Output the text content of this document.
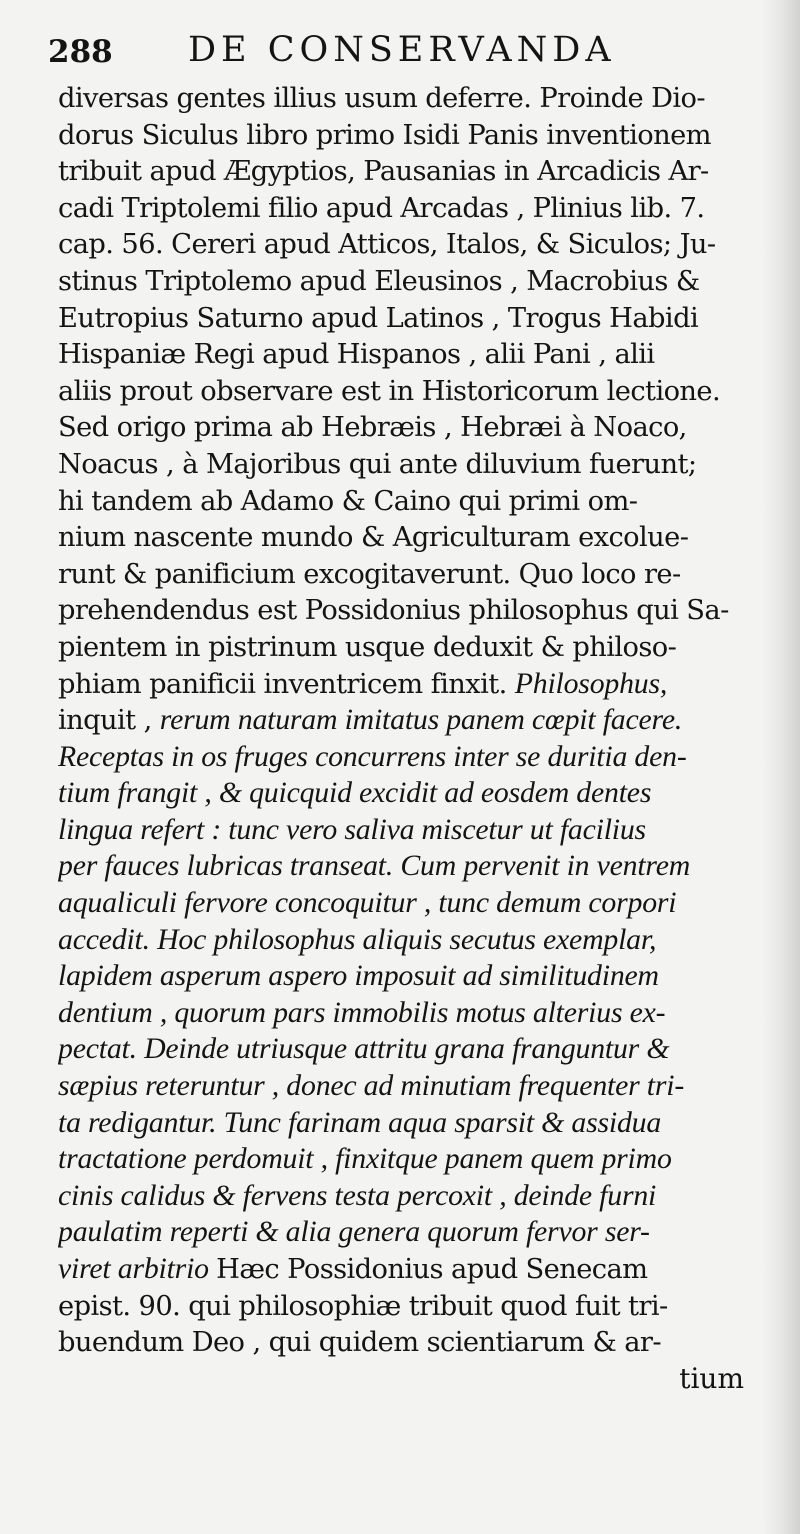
288 DE CONSERVANDA
diversas gentes illius usum deferre. Proinde Dio-
dorus Siculus libro primo Isidi Panis inventionem
tribuit apud Ægyptios, Pausanias in Arcadicis Ar-
cadi Triptolemi filio apud Arcadas , Plinius lib. 7.
cap. 56. Cereri apud Atticos, Italos, & Siculos; Ju-
stinus Triptolemo apud Eleusinos , Macrobius &
Eutropius Saturno apud Latinos , Trogus Habidi
Hispaniæ Regi apud Hispanos , alii Pani , alii
aliis prout observare est in Historicorum lectione.
Sed origo prima ab Hebræis , Hebræi à Noaco,
Noacus , à Majoribus qui ante diluvium fuerunt;
hi tandem ab Adamo & Caino qui primi om-
nium nascente mundo & Agriculturam excolue-
runt & panificium excogitaverunt. Quo loco re-
prehendendus est Possidonius philosophus qui Sa-
pientem in pistrinum usque deduxit & philoso-
phiam panificii inventricem finxit. Philosophus,
inquit , rerum naturam imitatus panem cœpit facere.
Receptas in os fruges concurrens inter se duritia den-
tium frangit , & quicquid excidit ad eosdem dentes
lingua refert : tunc vero saliva miscetur ut facilius
per fauces lubricas transeat. Cum pervenit in ventrem
aqualiculi fervore concoquitur , tunc demum corpori
accedit. Hoc philosophus aliquis secutus exemplar,
lapidem asperum aspero imposuit ad similitudinem
dentium , quorum pars immobilis motus alterius ex-
pectat. Deinde utriusque attritu grana franguntur &
sæpius reteruntur , donec ad minutiam frequenter tri-
ta redigantur. Tunc farinam aqua sparsit & assidua
tractatione perdomuit , finxitque panem quem primo
cinis calidus & fervens testa percoxit , deinde furni
paulatim reperti & alia genera quorum fervor ser-
viret arbitrio Hæc Possidonius apud Senecam
epist. 90. qui philosophiæ tribuit quod fuit tri-
buendum Deo , qui quidem scientiarum & ar-
tium
